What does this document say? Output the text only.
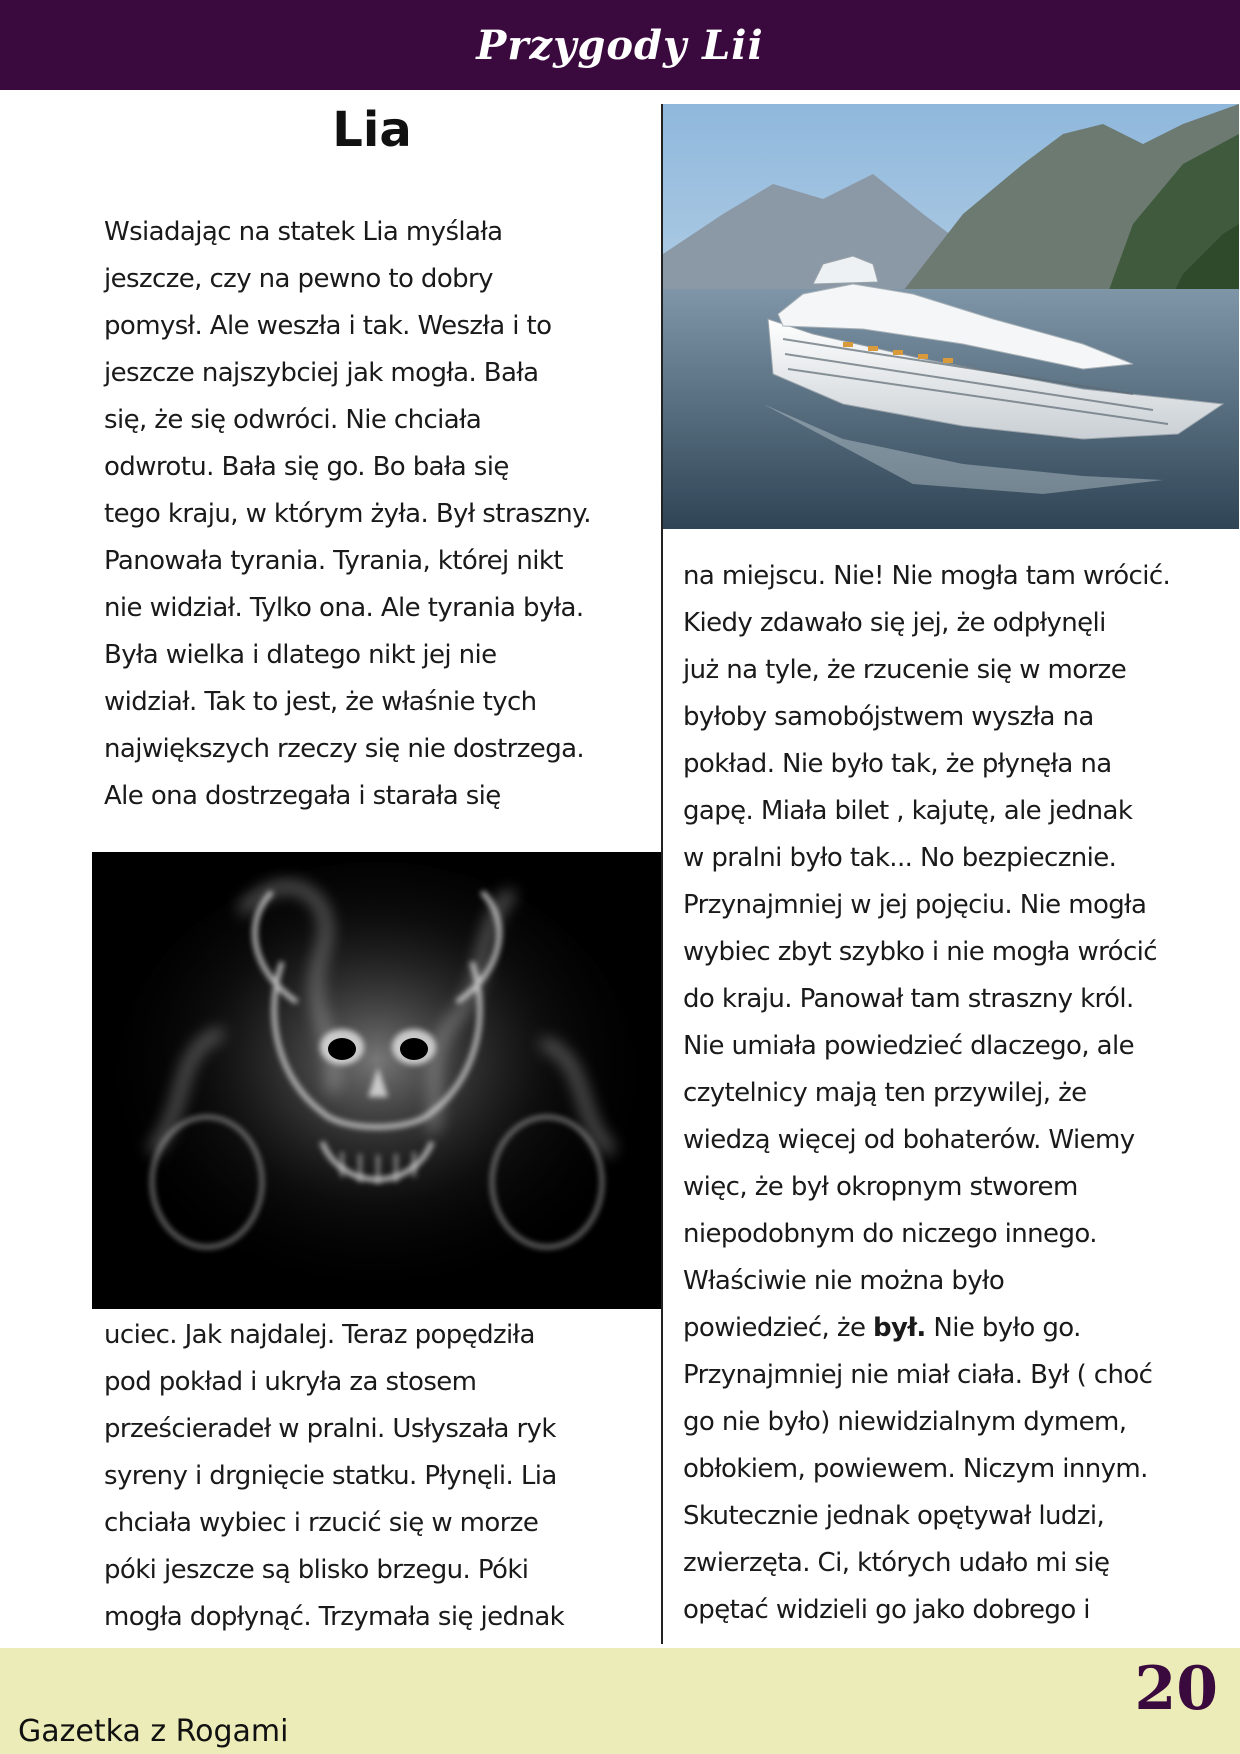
Przygody Lii
Lia
Wsiadając na statek Lia myślała
jeszcze, czy na pewno to dobry
pomysł. Ale weszła i tak. Weszła i to
jeszcze najszybciej jak mogła. Bała
się, że się odwróci. Nie chciała
odwrotu. Bała się go. Bo bała się
tego kraju, w którym żyła. Był straszny.
Panowała tyrania. Tyrania, której nikt
nie widział. Tylko ona. Ale tyrania była.
Była wielka i dlatego nikt jej nie
widział. Tak to jest, że właśnie tych
największych rzeczy się nie dostrzega.
Ale ona dostrzegała i starała się
uciec. Jak najdalej. Teraz popędziła
pod pokład i ukryła za stosem
prześcieradeł w pralni. Usłyszała ryk
syreny i drgnięcie statku. Płynęli. Lia
chciała wybiec i rzucić się w morze
póki jeszcze są blisko brzegu. Póki
mogła dopłynąć. Trzymała się jednak
na miejscu. Nie! Nie mogła tam wrócić.
Kiedy zdawało się jej, że odpłynęli
już na tyle, że rzucenie się w morze
byłoby samobójstwem wyszła na
pokład. Nie było tak, że płynęła na
gapę. Miała bilet , kajutę, ale jednak
w pralni było tak... No bezpiecznie.
Przynajmniej w jej pojęciu. Nie mogła
wybiec zbyt szybko i nie mogła wrócić
do kraju. Panował tam straszny król.
Nie umiała powiedzieć dlaczego, ale
czytelnicy mają ten przywilej, że
wiedzą więcej od bohaterów. Wiemy
więc, że był okropnym stworem
niepodobnym do niczego innego.
Właściwie nie można było
powiedzieć, że był. Nie było go.
Przynajmniej nie miał ciała. Był ( choć
go nie było) niewidzialnym dymem,
obłokiem, powiewem. Niczym innym.
Skutecznie jednak opętywał ludzi,
zwierzęta. Ci, których udało mi się
opętać widzieli go jako dobrego i
Gazetka z Rogami
20
